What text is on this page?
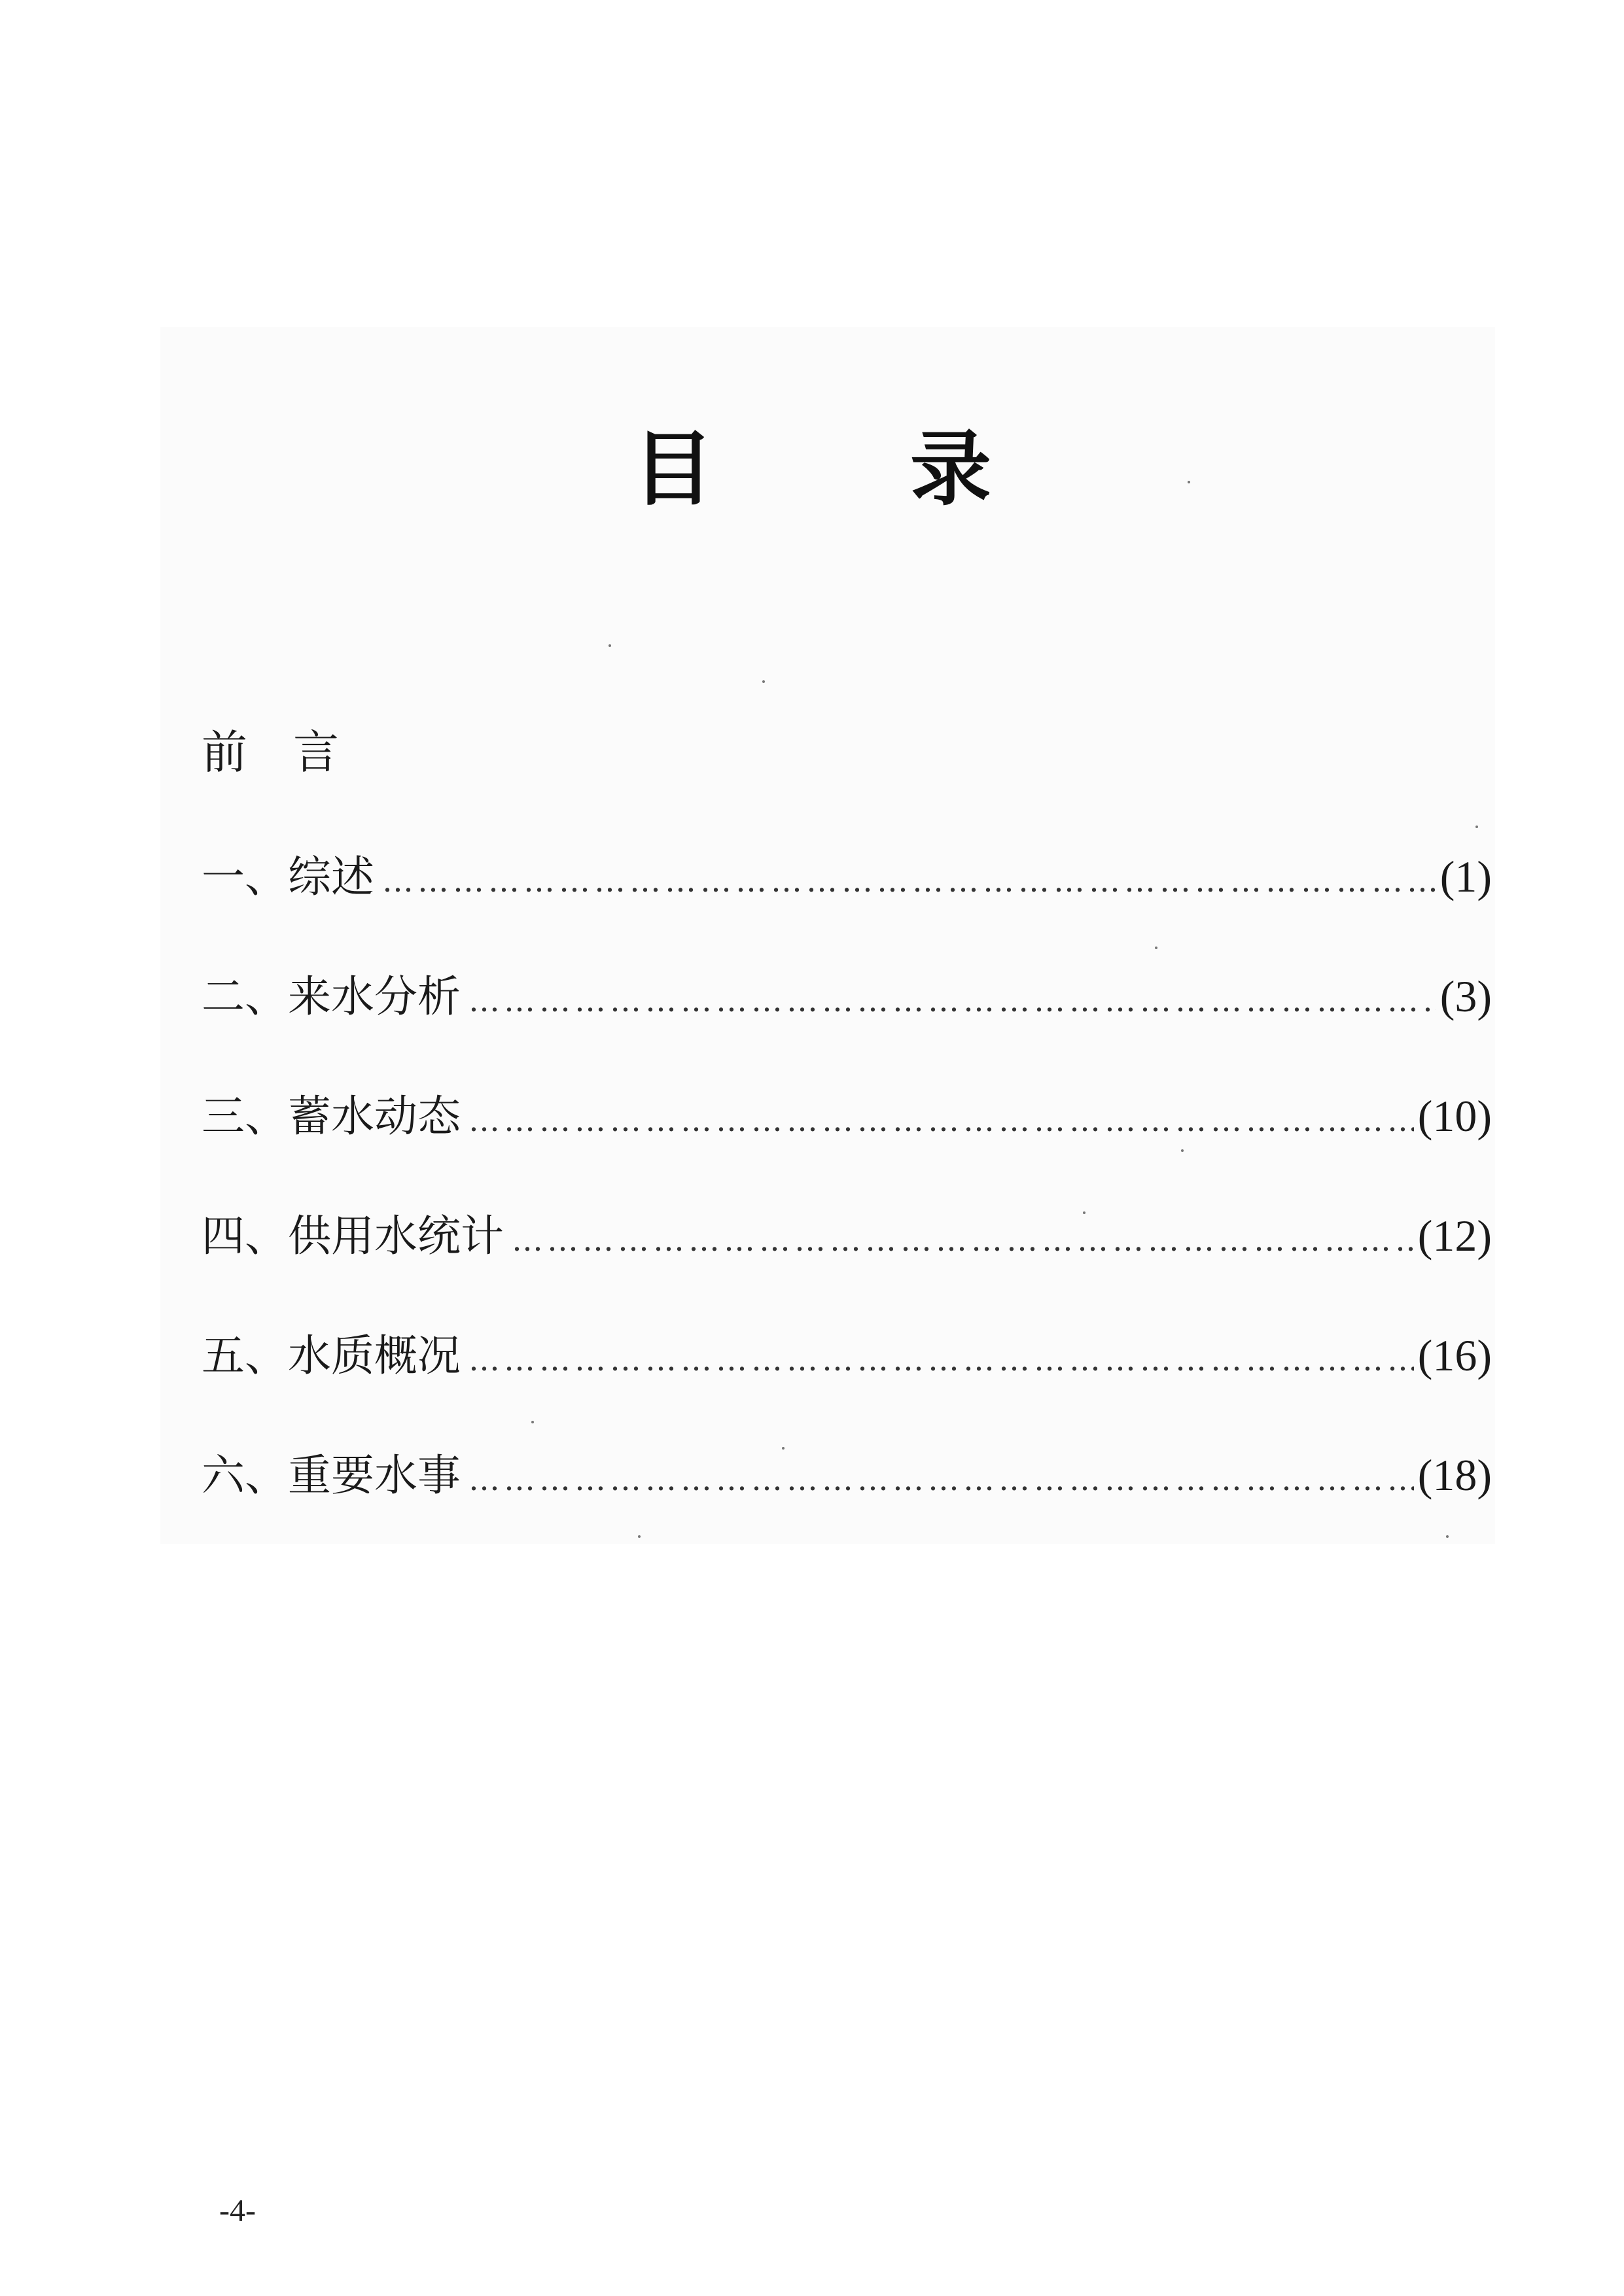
目录
前言
一、综述 …………………………………………………………………………………………………………………………………………………………………………	(1)
二、来水分析 …………………………………………………………………………………………………………………………………………………………………………	(3)
三、蓄水动态 …………………………………………………………………………………………………………………………………………………………………………	(10)
四、供用水统计 …………………………………………………………………………………………………………………………………………………………………………	(12)
五、水质概况 …………………………………………………………………………………………………………………………………………………………………………	(16)
六、重要水事 …………………………………………………………………………………………………………………………………………………………………………	(18)
-4-
